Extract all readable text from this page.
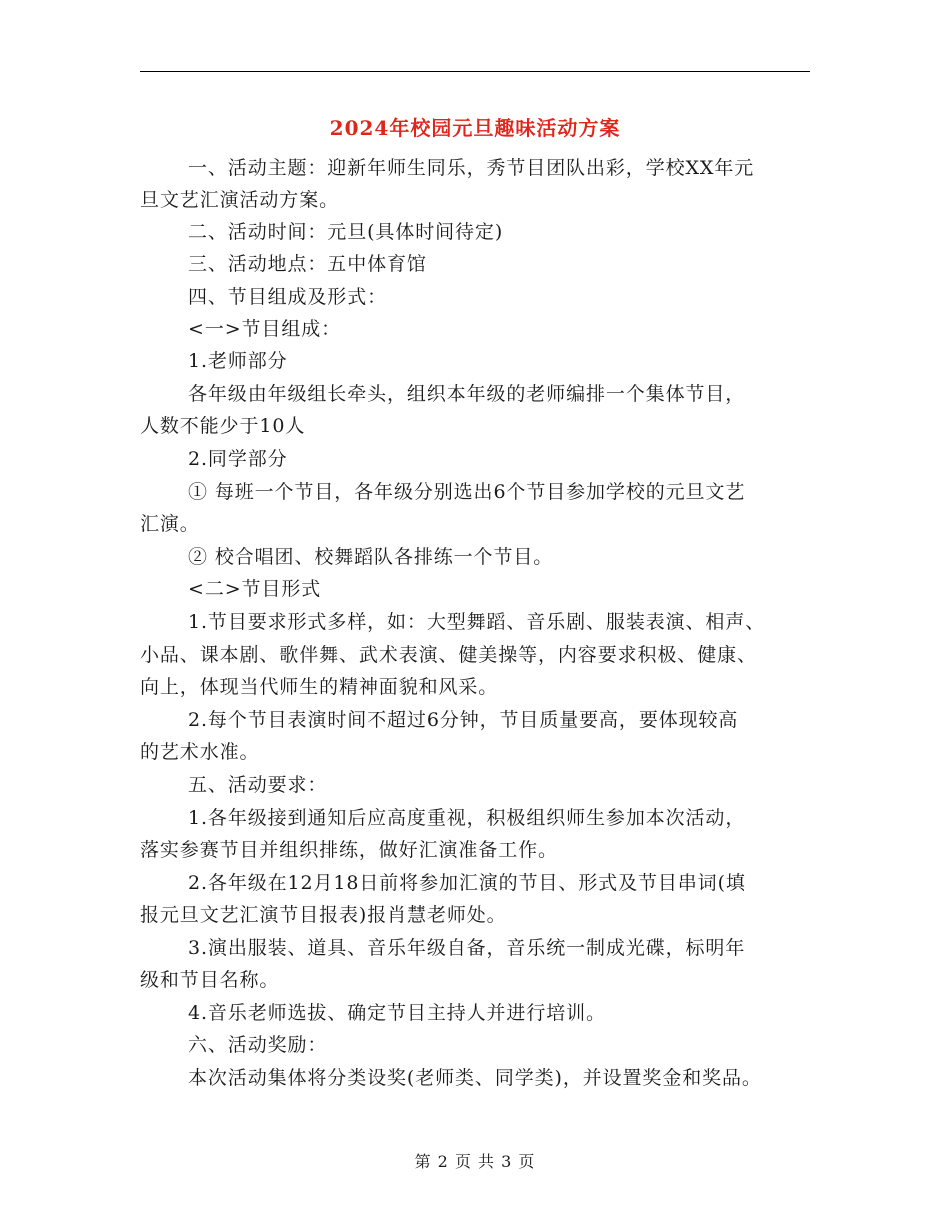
2024年校园元旦趣味活动方案
一、活动主题：迎新年师生同乐，秀节目团队出彩，学校XX年元
旦文艺汇演活动方案。
二、活动时间：元旦(具体时间待定)
三、活动地点：五中体育馆
四、节目组成及形式：
<一>节目组成：
1.老师部分
各年级由年级组长牵头，组织本年级的老师编排一个集体节目，
人数不能少于10人
2.同学部分
① 每班一个节目，各年级分别选出6个节目参加学校的元旦文艺
汇演。
② 校合唱团、校舞蹈队各排练一个节目。
<二>节目形式
1.节目要求形式多样，如：大型舞蹈、音乐剧、服装表演、相声、
小品、课本剧、歌伴舞、武术表演、健美操等，内容要求积极、健康、
向上，体现当代师生的精神面貌和风采。
2.每个节目表演时间不超过6分钟，节目质量要高，要体现较高
的艺术水准。
五、活动要求：
1.各年级接到通知后应高度重视，积极组织师生参加本次活动，
落实参赛节目并组织排练，做好汇演准备工作。
2.各年级在12月18日前将参加汇演的节目、形式及节目串词(填
报元旦文艺汇演节目报表)报肖慧老师处。
3.演出服装、道具、音乐年级自备，音乐统一制成光碟，标明年
级和节目名称。
4.音乐老师选拔、确定节目主持人并进行培训。
六、活动奖励：
本次活动集体将分类设奖(老师类、同学类)，并设置奖金和奖品。
第 2 页 共 3 页
